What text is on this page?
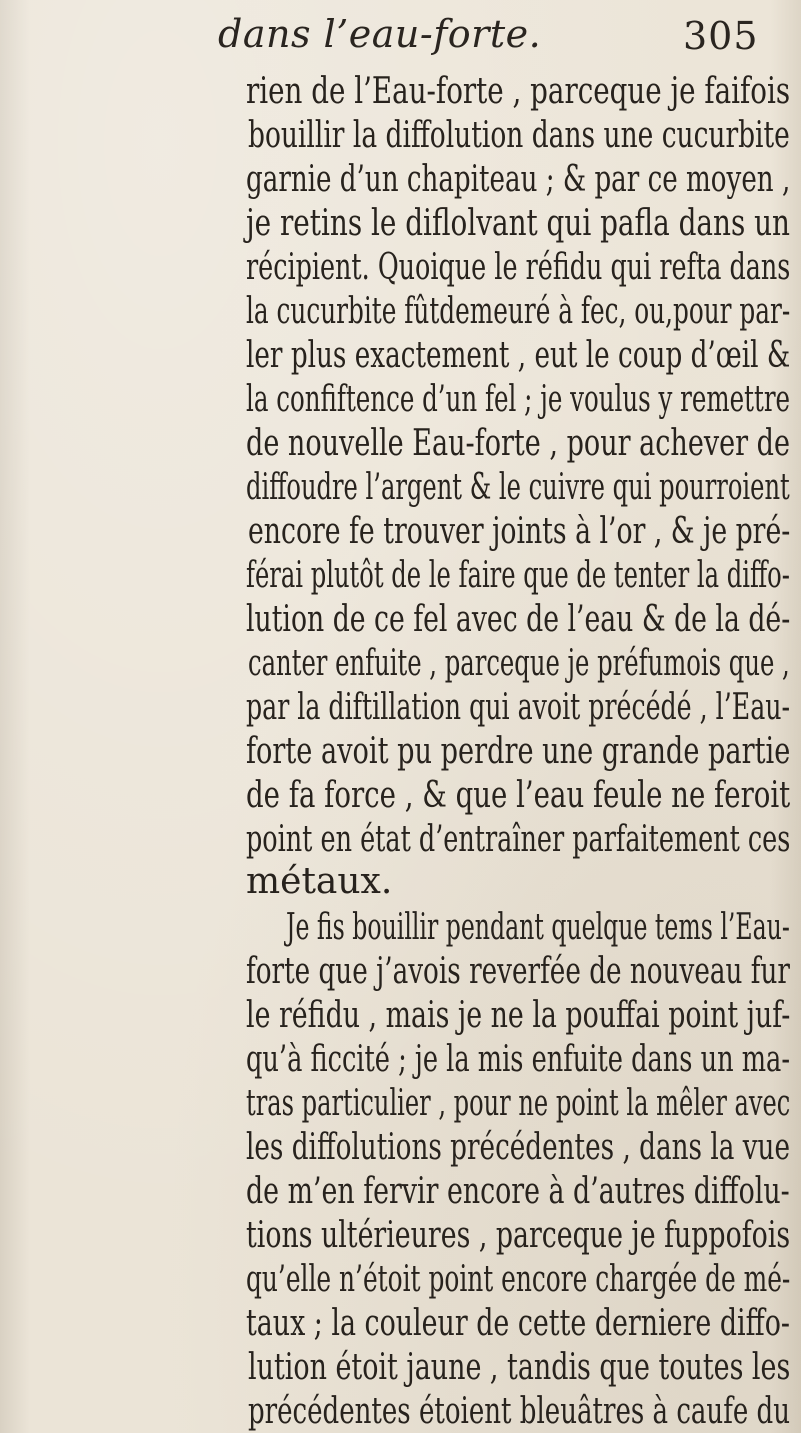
dans l’eau-forte.	305
rien de l’Eau-forte , parceque je faifois
bouillir la diffolution dans une cucurbite
garnie d’un chapiteau ; & par ce moyen ,
je retins le diflolvant qui pafla dans un
récipient. Quoique le réfidu qui refta dans
la cucurbite fûtdemeuré à fec, ou,pour par-
ler plus exactement , eut le coup d’œil &
la confiftence d’un fel ; je voulus y remettre
de nouvelle Eau-forte , pour achever de
diffoudre l’argent & le cuivre qui pourroient
encore fe trouver joints à l’or , & je pré-
férai plutôt de le faire que de tenter la diffo-
lution de ce fel avec de l’eau & de la dé-
canter enfuite , parceque je préfumois que ,
par la diftillation qui avoit précédé , l’Eau-
forte avoit pu perdre une grande partie
de fa force , & que l’eau feule ne feroit
point en état d’entraîner parfaitement ces
métaux.
Je fis bouillir pendant quelque tems l’Eau-
forte que j’avois reverfée de nouveau fur
le réfidu , mais je ne la pouffai point juf-
qu’à ficcité ; je la mis enfuite dans un ma-
tras particulier , pour ne point la mêler avec
les diffolutions précédentes , dans la vue
de m’en fervir encore à d’autres diffolu-
tions ultérieures , parceque je fuppofois
qu’elle n’étoit point encore chargée de mé-
taux ; la couleur de cette derniere diffo-
lution étoit jaune , tandis que toutes les
précédentes étoient bleuâtres à caufe du
